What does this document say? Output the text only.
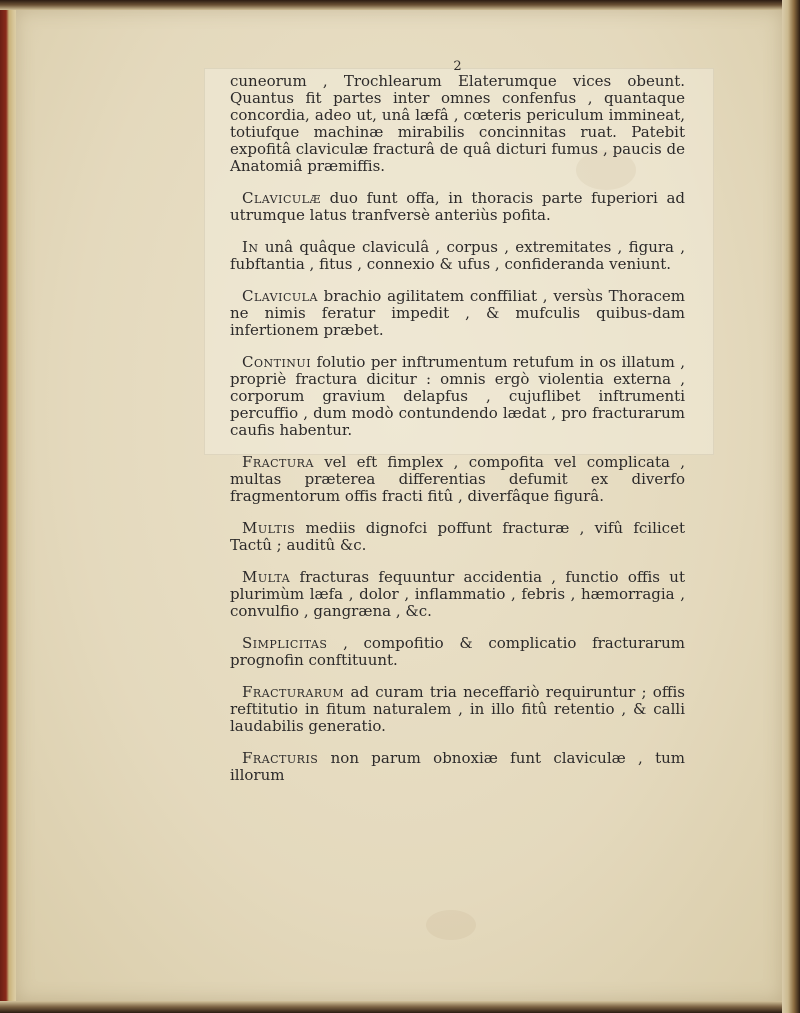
2

cuneorum , Trochlearum Elaterumque vices obeunt. Quantus fit partes inter omnes confenfus , quantaque concordia, adeo ut, unâ læfâ , cœteris periculum immineat, totiufque machinæ mirabilis concinnitas ruat. Patebit expofitâ claviculæ fracturâ de quâ dicturi fumus , paucis de Anatomiâ præmiffis.

Claviculæ duo funt offa, in thoracis parte fuperiori ad utrumque latus tranfversè anteriùs pofita.

In unâ quâque claviculâ , corpus , extremitates , figura , fubftantia , fitus , connexio & ufus , confideranda veniunt.

Clavicula brachio agilitatem conffiliat , versùs Thoracem ne nimis feratur impedit , & mufculis quibus-dam infertionem præbet.

Continui folutio per inftrumentum retufum in os illatum , propriè fractura dicitur : omnis ergò violentia externa , corporum gravium delapfus , cujuflibet inftrumenti percuffio , dum modò contundendo lædat , pro fracturarum caufis habentur.

Fractura vel eft fimplex , compofita vel complicata , multas præterea differentias defumit ex diverfo fragmentorum offis fracti fitû , diverfâque figurâ.

Multis mediis dignofci poffunt fracturæ , vifû fcilicet Tactû ; auditû &c.

Multa fracturas fequuntur accidentia , functio offis ut plurimùm læfa , dolor , inflammatio , febris , hæmorragia , convulfio , gangræna , &c.

Simplicitas , compofitio & complicatio fracturarum prognofin conftituunt.

Fracturarum ad curam tria neceffariò requiruntur ; offis reftitutio in fitum naturalem , in illo fitû retentio , & calli laudabilis generatio.

Fracturis non parum obnoxiæ funt claviculæ , tum illorum
